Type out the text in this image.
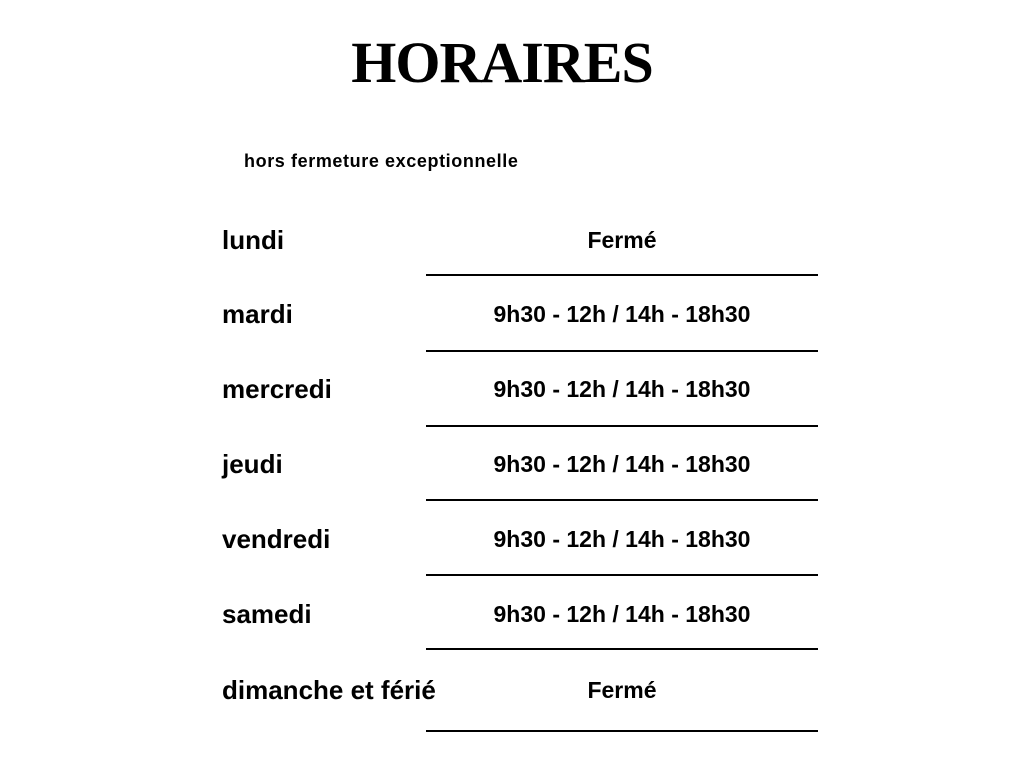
HORAIRES
hors fermeture exceptionnelle
lundi	Fermé
mardi	9h30 - 12h / 14h - 18h30
mercredi	9h30 - 12h / 14h - 18h30
jeudi	9h30 - 12h / 14h - 18h30
vendredi	9h30 - 12h / 14h - 18h30
samedi	9h30 - 12h / 14h - 18h30
dimanche et férié	Fermé
